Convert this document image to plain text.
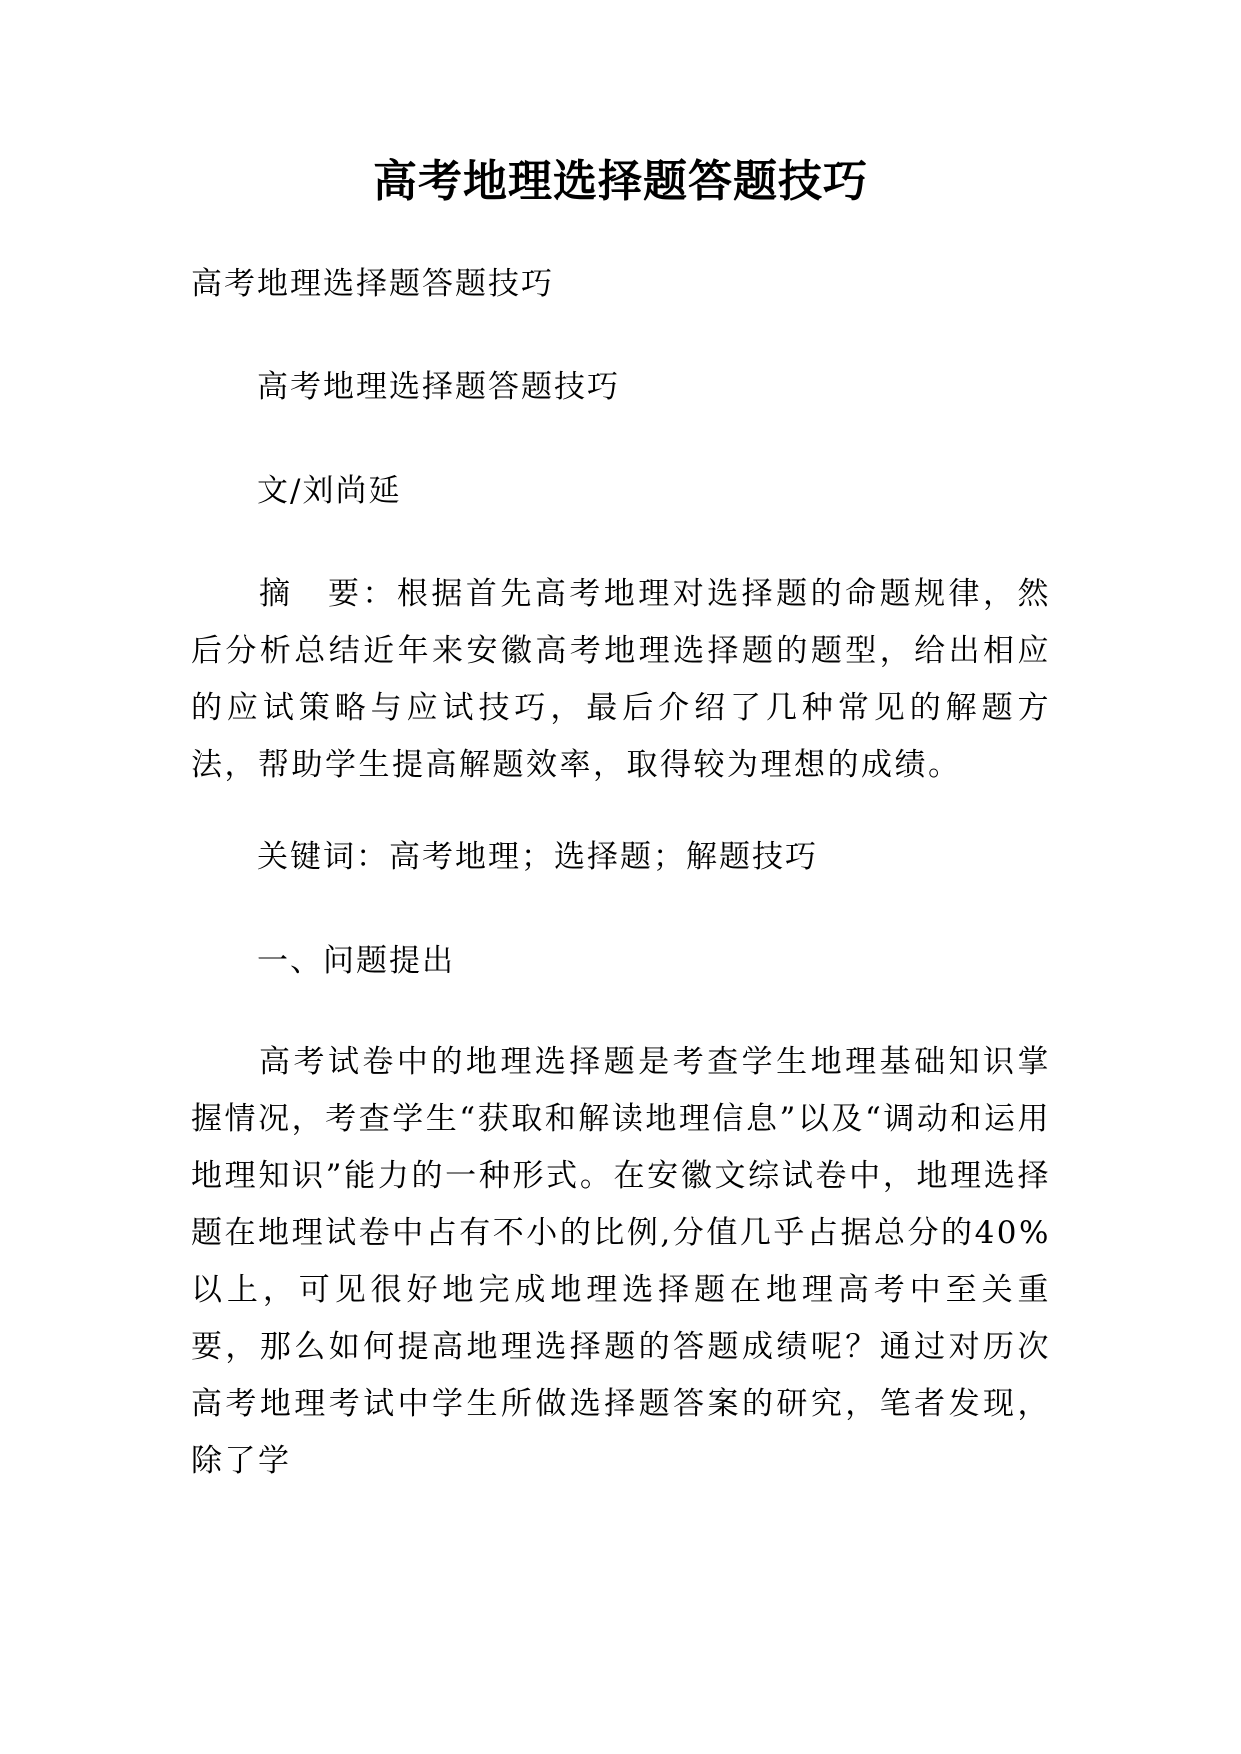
高考地理选择题答题技巧
高考地理选择题答题技巧
高考地理选择题答题技巧
文/刘尚延
摘　要：根据首先高考地理对选择题的命题规律，然后分析总结近年来安徽高考地理选择题的题型，给出相应的应试策略与应试技巧，最后介绍了几种常见的解题方法，帮助学生提高解题效率，取得较为理想的成绩。
关键词：高考地理；选择题；解题技巧
一、问题提出
高考试卷中的地理选择题是考查学生地理基础知识掌握情况，考查学生“获取和解读地理信息”以及“调动和运用地理知识”能力的一种形式。在安徽文综试卷中，地理选择题在地理试卷中占有不小的比例,分值几乎占据总分的40%以上，可见很好地完成地理选择题在地理高考中至关重要，那么如何提高地理选择题的答题成绩呢？通过对历次高考地理考试中学生所做选择题答案的研究，笔者发现，除了学
